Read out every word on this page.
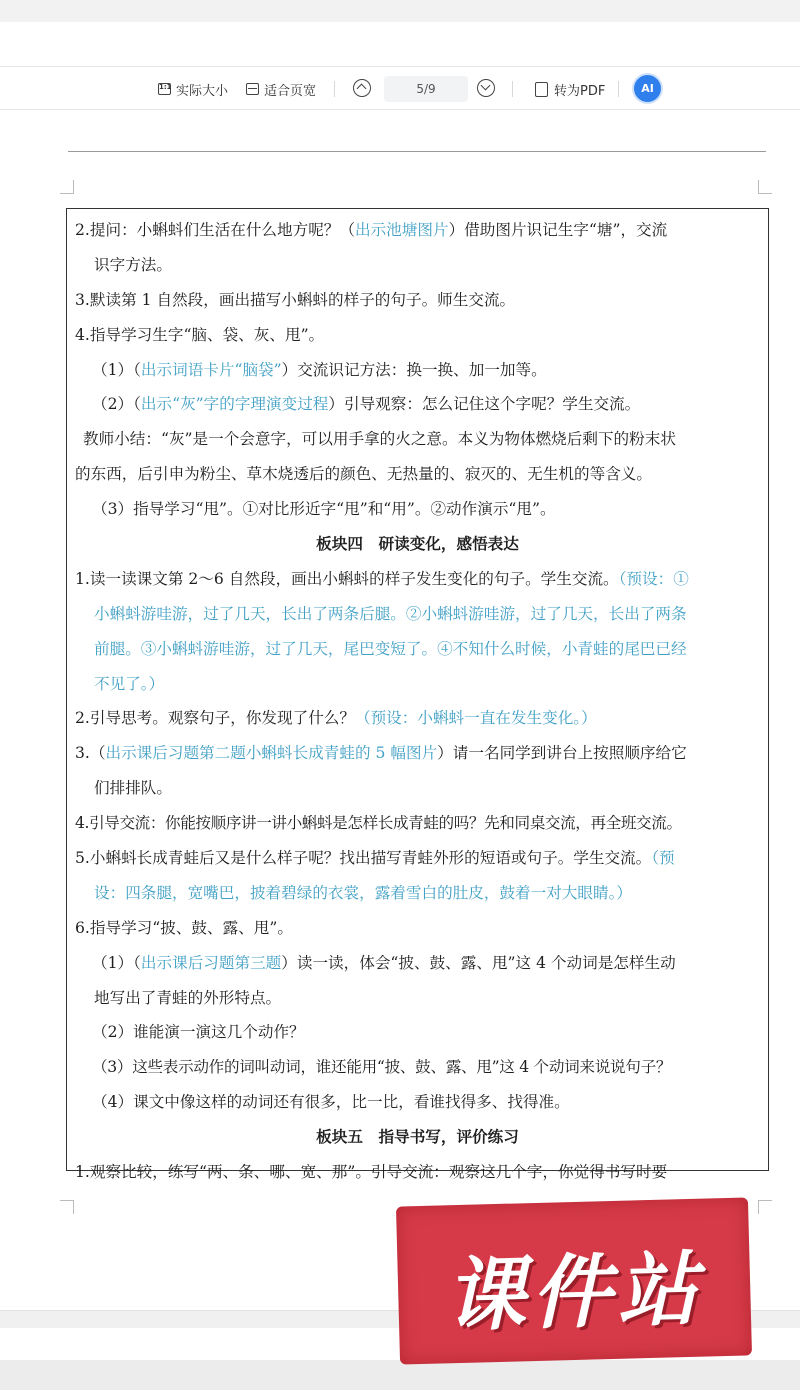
1:1
实际大小	适合页宽	5/9	转为PDF	AI
2.提问：小蝌蚪们生活在什么地方呢？（出示池塘图片）借助图片识记生字“塘”，交流
识字方法。
3.默读第 1 自然段，画出描写小蝌蚪的样子的句子。师生交流。
4.指导学习生字“脑、袋、灰、甩”。
（1）（出示词语卡片“脑袋”）交流识记方法：换一换、加一加等。
（2）（出示“灰”字的字理演变过程）引导观察：怎么记住这个字呢？学生交流。
教师小结：“灰”是一个会意字，可以用手拿的火之意。本义为物体燃烧后剩下的粉末状
的东西，后引申为粉尘、草木烧透后的颜色、无热量的、寂灭的、无生机的等含义。
（3）指导学习“甩”。①对比形近字“甩”和“用”。②动作演示“甩”。
板块四　研读变化，感悟表达
1.读一读课文第 2～6 自然段，画出小蝌蚪的样子发生变化的句子。学生交流。（预设：①
小蝌蚪游哇游，过了几天，长出了两条后腿。②小蝌蚪游哇游，过了几天，长出了两条
前腿。③小蝌蚪游哇游，过了几天，尾巴变短了。④不知什么时候，小青蛙的尾巴已经
不见了。）
2.引导思考。观察句子，你发现了什么？（预设：小蝌蚪一直在发生变化。）
3.（出示课后习题第二题小蝌蚪长成青蛙的 5 幅图片）请一名同学到讲台上按照顺序给它
们排排队。
4.引导交流：你能按顺序讲一讲小蝌蚪是怎样长成青蛙的吗？先和同桌交流，再全班交流。
5.小蝌蚪长成青蛙后又是什么样子呢？找出描写青蛙外形的短语或句子。学生交流。（预
设：四条腿，宽嘴巴，披着碧绿的衣裳，露着雪白的肚皮，鼓着一对大眼睛。）
6.指导学习“披、鼓、露、甩”。
（1）（出示课后习题第三题）读一读，体会“披、鼓、露、甩”这 4 个动词是怎样生动
地写出了青蛙的外形特点。
（2）谁能演一演这几个动作？
（3）这些表示动作的词叫动词，谁还能用“披、鼓、露、甩”这 4 个动词来说说句子？
（4）课文中像这样的动词还有很多，比一比，看谁找得多、找得准。
板块五　指导书写，评价练习
1.观察比较，练写“两、条、哪、宽、那”。引导交流：观察这几个字，你觉得书写时要
课件站
